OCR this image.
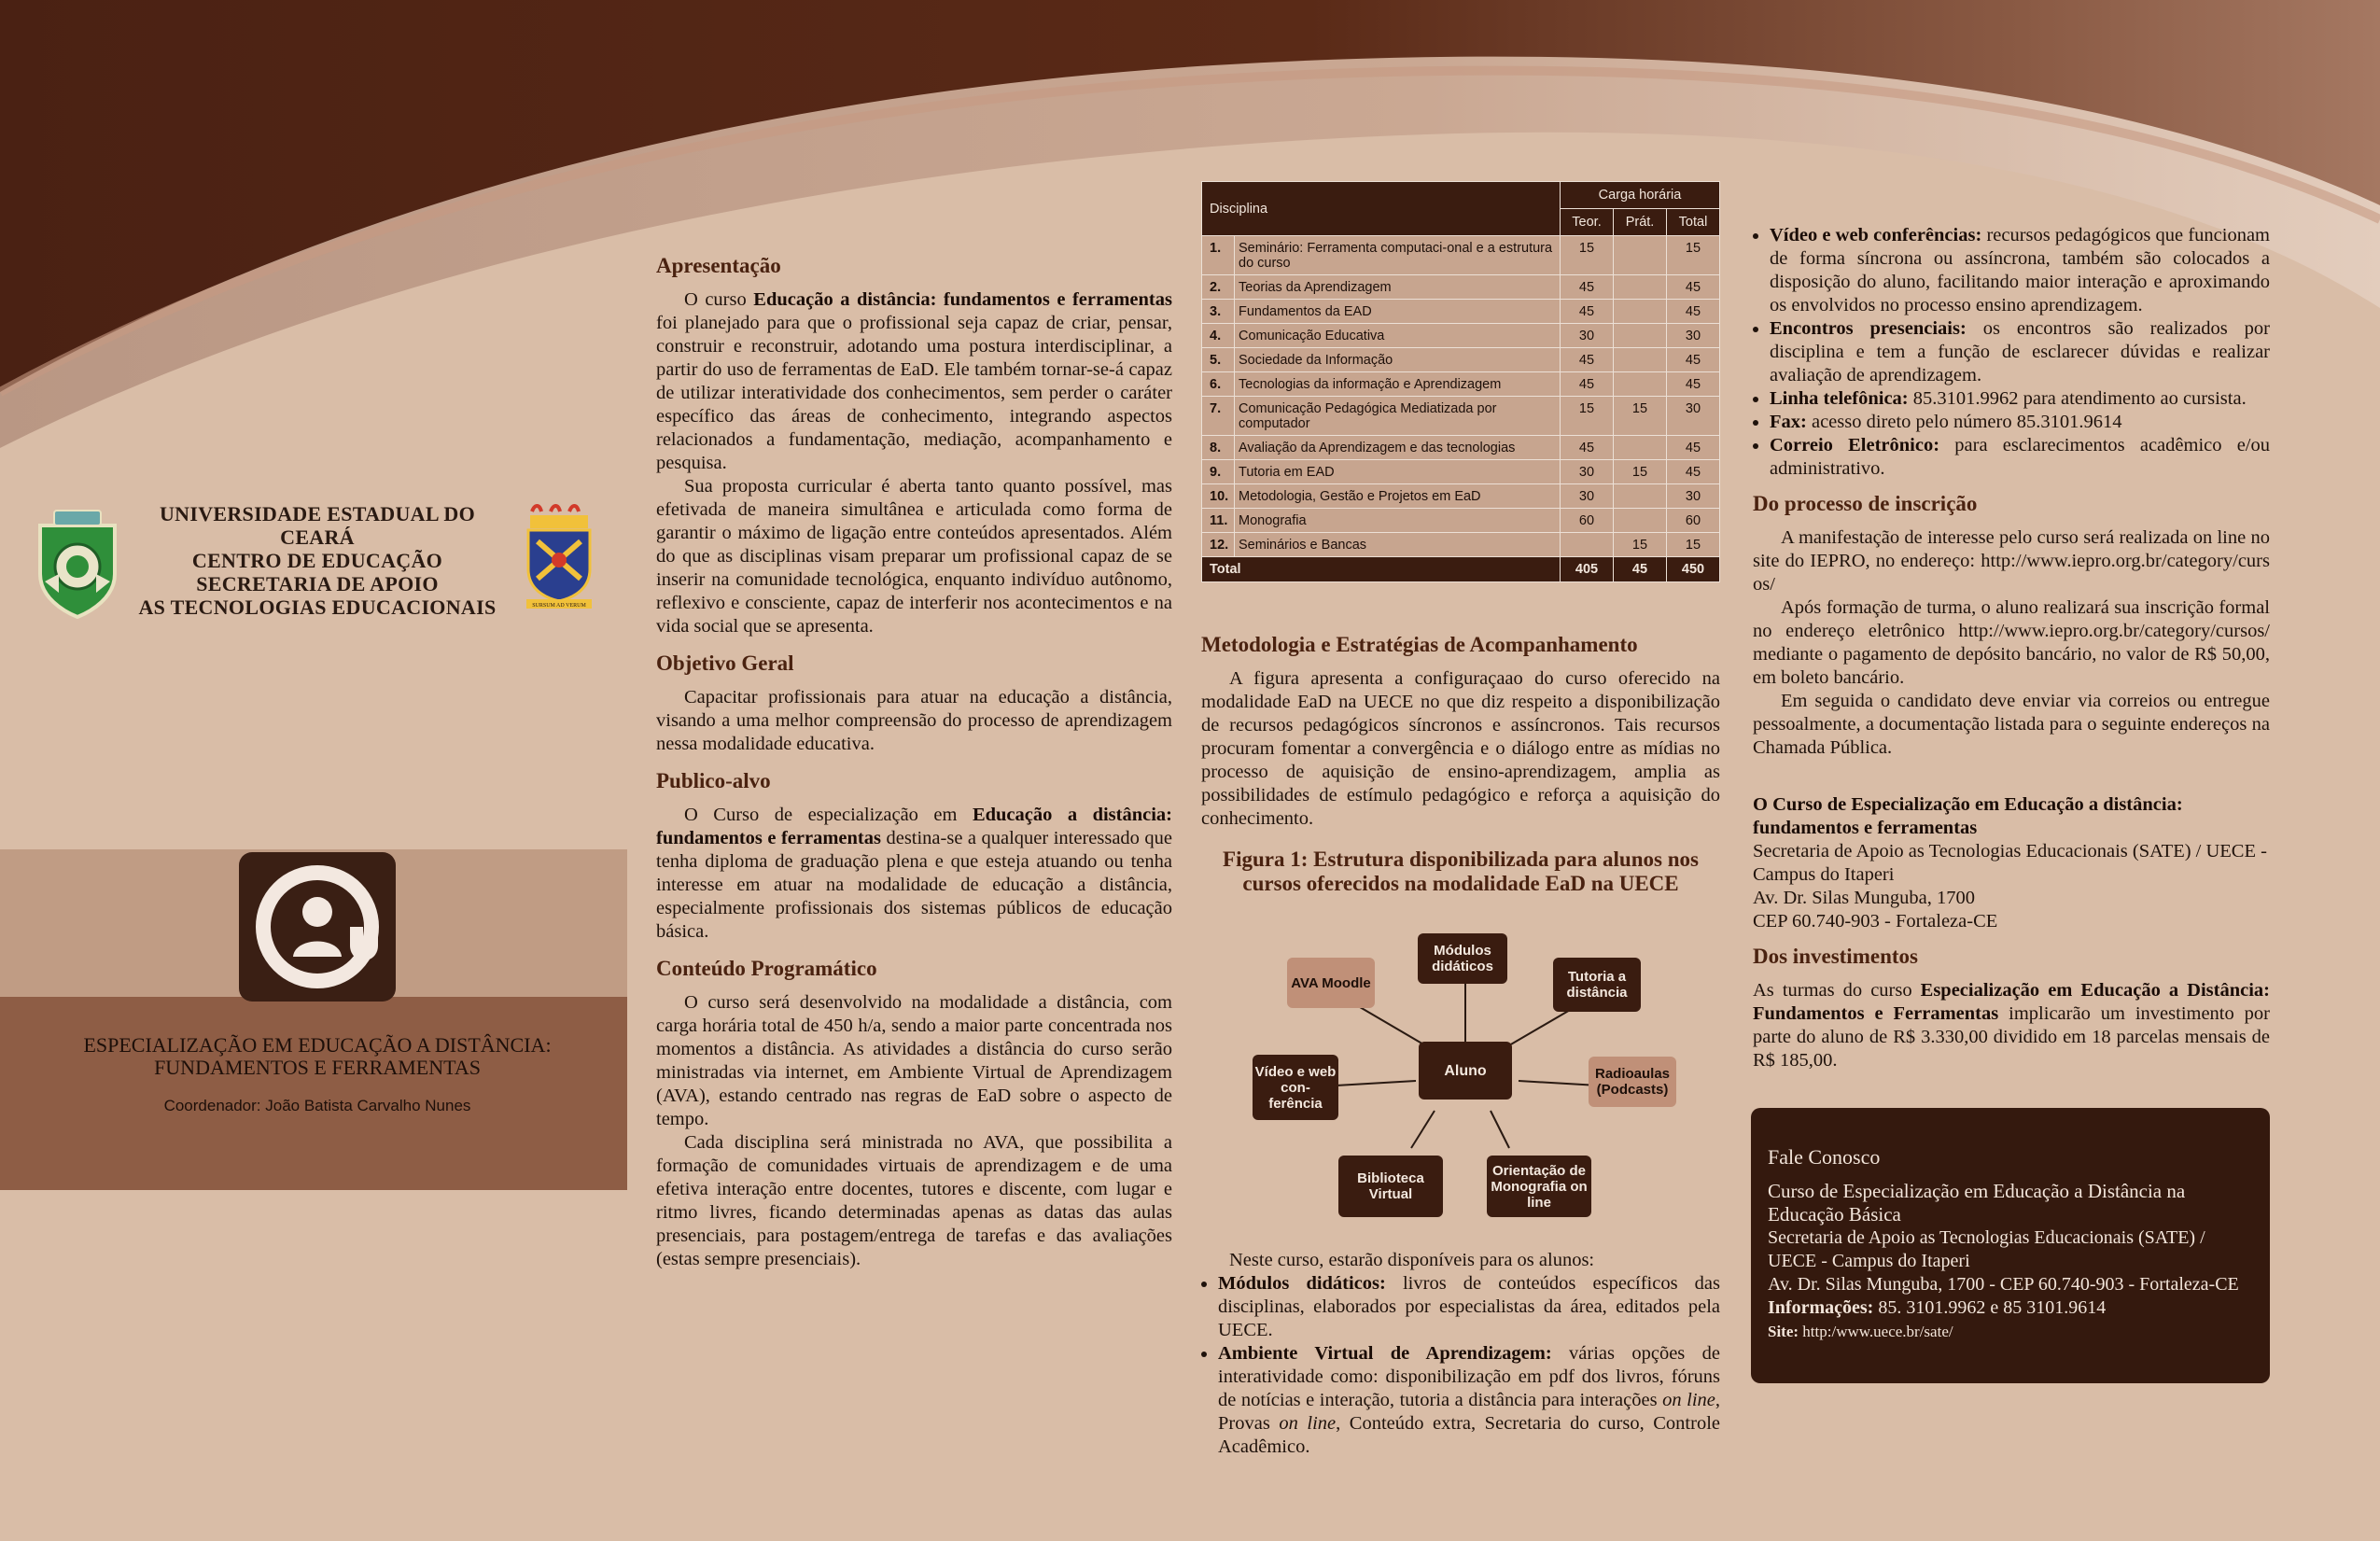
UNIVERSIDADE ESTADUAL DO CEARÁ
CENTRO DE EDUCAÇÃO
SECRETARIA DE APOIO
AS TECNOLOGIAS EDUCACIONAIS	SURSUM AD VERUM
ESPECIALIZAÇÃO EM EDUCAÇÃO A DISTÂNCIA:
FUNDAMENTOS E FERRAMENTAS
Coordenador: João Batista Carvalho Nunes
Apresentação

O curso Educação a distância: fundamentos e ferramentas foi planejado para que o profissional seja capaz de criar, pensar, construir e reconstruir, adotando uma postura interdisciplinar, a partir do uso de ferramentas de EaD. Ele também tornar-se-á capaz de utilizar interatividade dos conhecimentos, sem perder o caráter específico das áreas de conhecimento, integrando aspectos relacionados a fundamentação, mediação, acompanhamento e pesquisa.

Sua proposta curricular é aberta tanto quanto possível, mas efetivada de maneira simultânea e articulada como forma de garantir o máximo de ligação entre conteúdos apresentados. Além do que as disciplinas visam preparar um profissional capaz de se inserir na comunidade tecnológica, enquanto indivíduo autônomo, reflexivo e consciente, capaz de interferir nos acontecimentos e na vida social que se apresenta.

Objetivo Geral

Capacitar profissionais para atuar na educação a distância, visando a uma melhor compreensão do processo de aprendizagem nessa modalidade educativa.

Publico-alvo

O Curso de especialização em Educação a distância: fundamentos e ferramentas destina-se a qualquer interessado que tenha diploma de graduação plena e que esteja atuando ou tenha interesse em atuar na modalidade de educação a distância, especialmente profissionais dos sistemas públicos de educação básica.

Conteúdo Programático

O curso será desenvolvido na modalidade a distância, com carga horária total de 450 h/a, sendo a maior parte concentrada nos momentos a distância. As atividades a distância do curso serão ministradas via internet, em Ambiente Virtual de Aprendizagem (AVA), estando centrado nas regras de EaD sobre o aspecto de tempo.

Cada disciplina será ministrada no AVA, que possibilita a formação de comunidades virtuais de aprendizagem e de uma efetiva interação entre docentes, tutores e discente, com lugar e ritmo livres, ficando determinadas apenas as datas das aulas presenciais, para postagem/entrega de tarefas e das avaliações (estas sempre presenciais).

Disciplina		Carga horária		
		Teor.	Prát.	Total
1.	Seminário: Ferramenta computaci-onal e a estrutura do curso	15		15
2.	Teorias da Aprendizagem	45		45
3.	Fundamentos da EAD	45		45
4.	Comunicação Educativa	30		30
5.	Sociedade da Informação	45		45
6.	Tecnologias da informação e Aprendizagem	45		45
7.	Comunicação Pedagógica Mediatizada por computador	15	15	30
8.	Avaliação da Aprendizagem e das tecnologias	45		45
9.	Tutoria em EAD	30	15	45
10.	Metodologia, Gestão e Projetos em EaD	30		30
11.	Monografia	60		60
12.	Seminários e Bancas		15	15
Total		405	45	450
Metodologia e Estratégias de Acompanhamento

A figura apresenta a configuraçaao do curso oferecido na modalidade EaD na UECE no que diz respeito a disponibilização de recursos pedagógicos síncronos e assíncronos. Tais recursos procuram fomentar a convergência e o diálogo entre as mídias no processo de aquisição de ensino-aprendizagem, amplia as possibilidades de estímulo pedagógico e reforça a aquisição do conhecimento.

Figura 1: Estrutura disponibilizada para alunos nos
cursos oferecidos na modalidade EaD na UECE
Aluno
Módulos didáticos
AVA Moodle	Tutoria a distância
Radioaulas (Podcasts)
Vídeo e web con- ferência
Biblioteca Virtual
Orientação de Monografia on line

Neste curso, estarão disponíveis para os alunos:

• Módulos didáticos: livros de conteúdos específicos das disciplinas, elaborados por especialistas da área, editados pela UECE.
• Ambiente Virtual de Aprendizagem: várias opções de interatividade como: disponibilização em pdf dos livros, fóruns de notícias e interação, tutoria a distância para interações on line, Provas on line, Conteúdo extra, Secretaria do curso, Controle Acadêmico.
• Vídeo e web conferências: recursos pedagógicos que funcionam de forma síncrona ou assíncrona, também são colocados a disposição do aluno, facilitando maior interação e aproximando os envolvidos no processo ensino aprendizagem.
• Encontros presenciais: os encontros são realizados por disciplina e tem a função de esclarecer dúvidas e realizar avaliação de aprendizagem.
• Linha telefônica: 85.3101.9962 para atendimento ao cursista.
• Fax: acesso direto pelo número 85.3101.9614
• Correio Eletrônico: para esclarecimentos acadêmico e/ou administrativo.
Do processo de inscrição

A manifestação de interesse pelo curso será realizada on line no site do IEPRO, no endereço: http://www.iepro.org.br/category/cursos/

Após formação de turma, o aluno realizará sua inscrição formal no endereço eletrônico http://www.iepro.org.br/category/cursos/ mediante o pagamento de depósito bancário, no valor de R$ 50,00, em boleto bancário.

Em seguida o candidato deve enviar via correios ou entregue pessoalmente, a documentação listada para o seguinte endereços na Chamada Pública.

O Curso de Especialização em Educação a distância: fundamentos e ferramentas
Secretaria de Apoio as Tecnologias Educacionais (SATE) / UECE - Campus do Itaperi
Av. Dr. Silas Munguba, 1700
CEP 60.740-903 - Fortaleza-CE
Dos investimentos

As turmas do curso Especialização em Educação a Distância: Fundamentos e Ferramentas implicarão um investimento por parte do aluno de R$ 3.330,00 dividido em 18 parcelas mensais de R$ 185,00.

Fale Conosco
Curso de Especialização em Educação a Distância na Educação Básica
Secretaria de Apoio as Tecnologias Educacionais (SATE) / UECE - Campus do Itaperi
Av. Dr. Silas Munguba, 1700 - CEP 60.740-903 - Fortaleza-CE
Informações: 85. 3101.9962 e 85 3101.9614
Site: http:/www.uece.br/sate/
